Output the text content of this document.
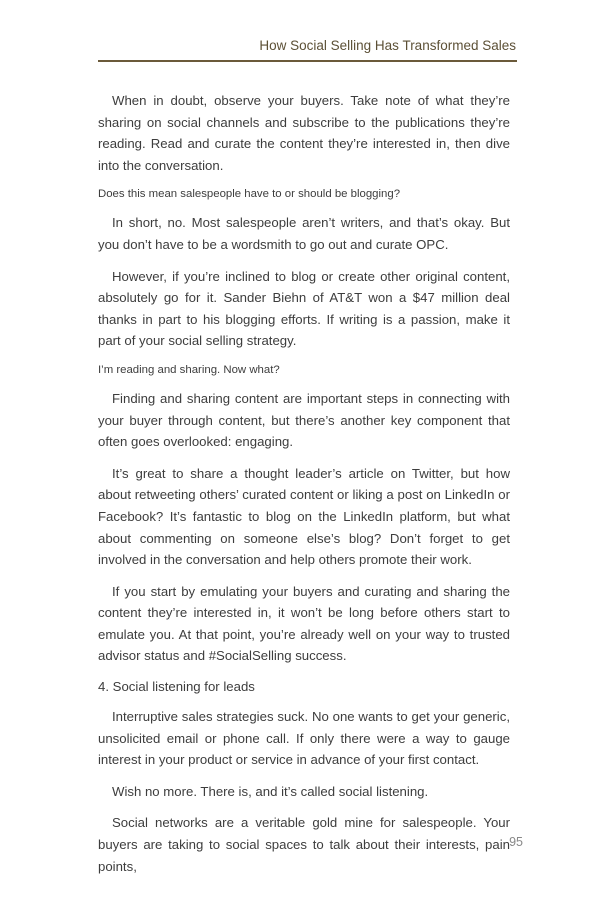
How Social Selling Has Transformed Sales

When in doubt, observe your buyers. Take note of what they’re sharing on social channels and subscribe to the publications they’re reading. Read and curate the content they’re interested in, then dive into the conversation.

Does this mean salespeople have to or should be blogging?

In short, no. Most salespeople aren’t writers, and that’s okay. But you don’t have to be a wordsmith to go out and curate OPC.

However, if you’re inclined to blog or create other original content, absolutely go for it. Sander Biehn of AT&T won a $47 million deal thanks in part to his blogging efforts. If writing is a passion, make it part of your social selling strategy.

I’m reading and sharing. Now what?

Finding and sharing content are important steps in connecting with your buyer through content, but there’s another key component that often goes overlooked: engaging.

It’s great to share a thought leader’s article on Twitter, but how about retweeting others’ curated content or liking a post on LinkedIn or Facebook? It’s fantastic to blog on the LinkedIn platform, but what about commenting on someone else’s blog? Don’t forget to get involved in the conversation and help others promote their work.

If you start by emulating your buyers and curating and sharing the content they’re interested in, it won’t be long before others start to emulate you. At that point, you’re already well on your way to trusted advisor status and #SocialSelling success.

4. Social listening for leads

Interruptive sales strategies suck. No one wants to get your generic, unsolicited email or phone call. If only there were a way to gauge interest in your product or service in advance of your first contact.

Wish no more. There is, and it’s called social listening.

Social networks are a veritable gold mine for salespeople. Your buyers are taking to social spaces to talk about their interests, pain points,

95
